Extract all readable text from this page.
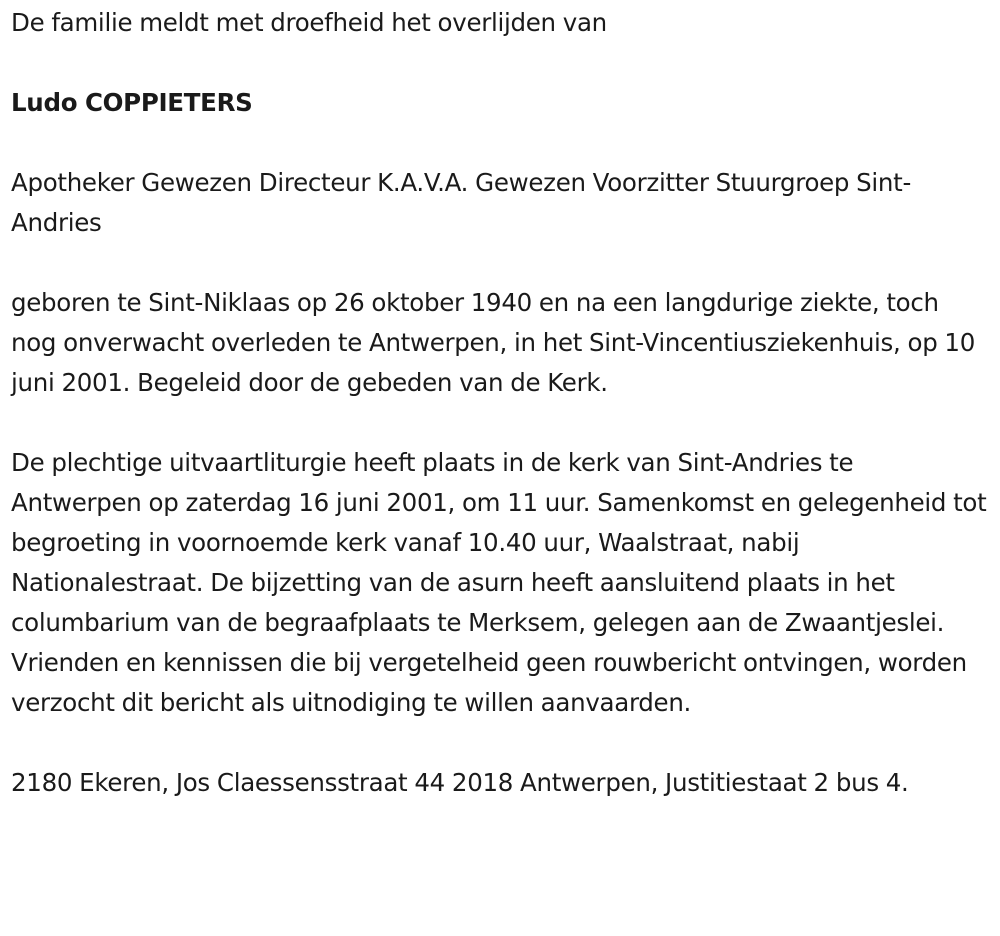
De familie meldt met droefheid het overlijden van

Ludo COPPIETERS

Apotheker Gewezen Directeur K.A.V.A. Gewezen Voorzitter Stuurgroep Sint-Andries

geboren te Sint-Niklaas op 26 oktober 1940 en na een langdurige ziekte, toch nog onverwacht overleden te Antwerpen, in het Sint-Vincentiusziekenhuis, op 10 juni 2001. Begeleid door de gebeden van de Kerk.

De plechtige uitvaartliturgie heeft plaats in de kerk van Sint-Andries te Antwerpen op zaterdag 16 juni 2001, om 11 uur. Samenkomst en gelegenheid tot begroeting in voornoemde kerk vanaf 10.40 uur, Waalstraat, nabij Nationalestraat. De bijzetting van de asurn heeft aansluitend plaats in het columbarium van de begraafplaats te Merksem, gelegen aan de Zwaantjeslei. Vrienden en kennissen die bij vergetelheid geen rouwbericht ontvingen, worden verzocht dit bericht als uitnodiging te willen aanvaarden.

2180 Ekeren, Jos Claessensstraat 44 2018 Antwerpen, Justitiestaat 2 bus 4.
